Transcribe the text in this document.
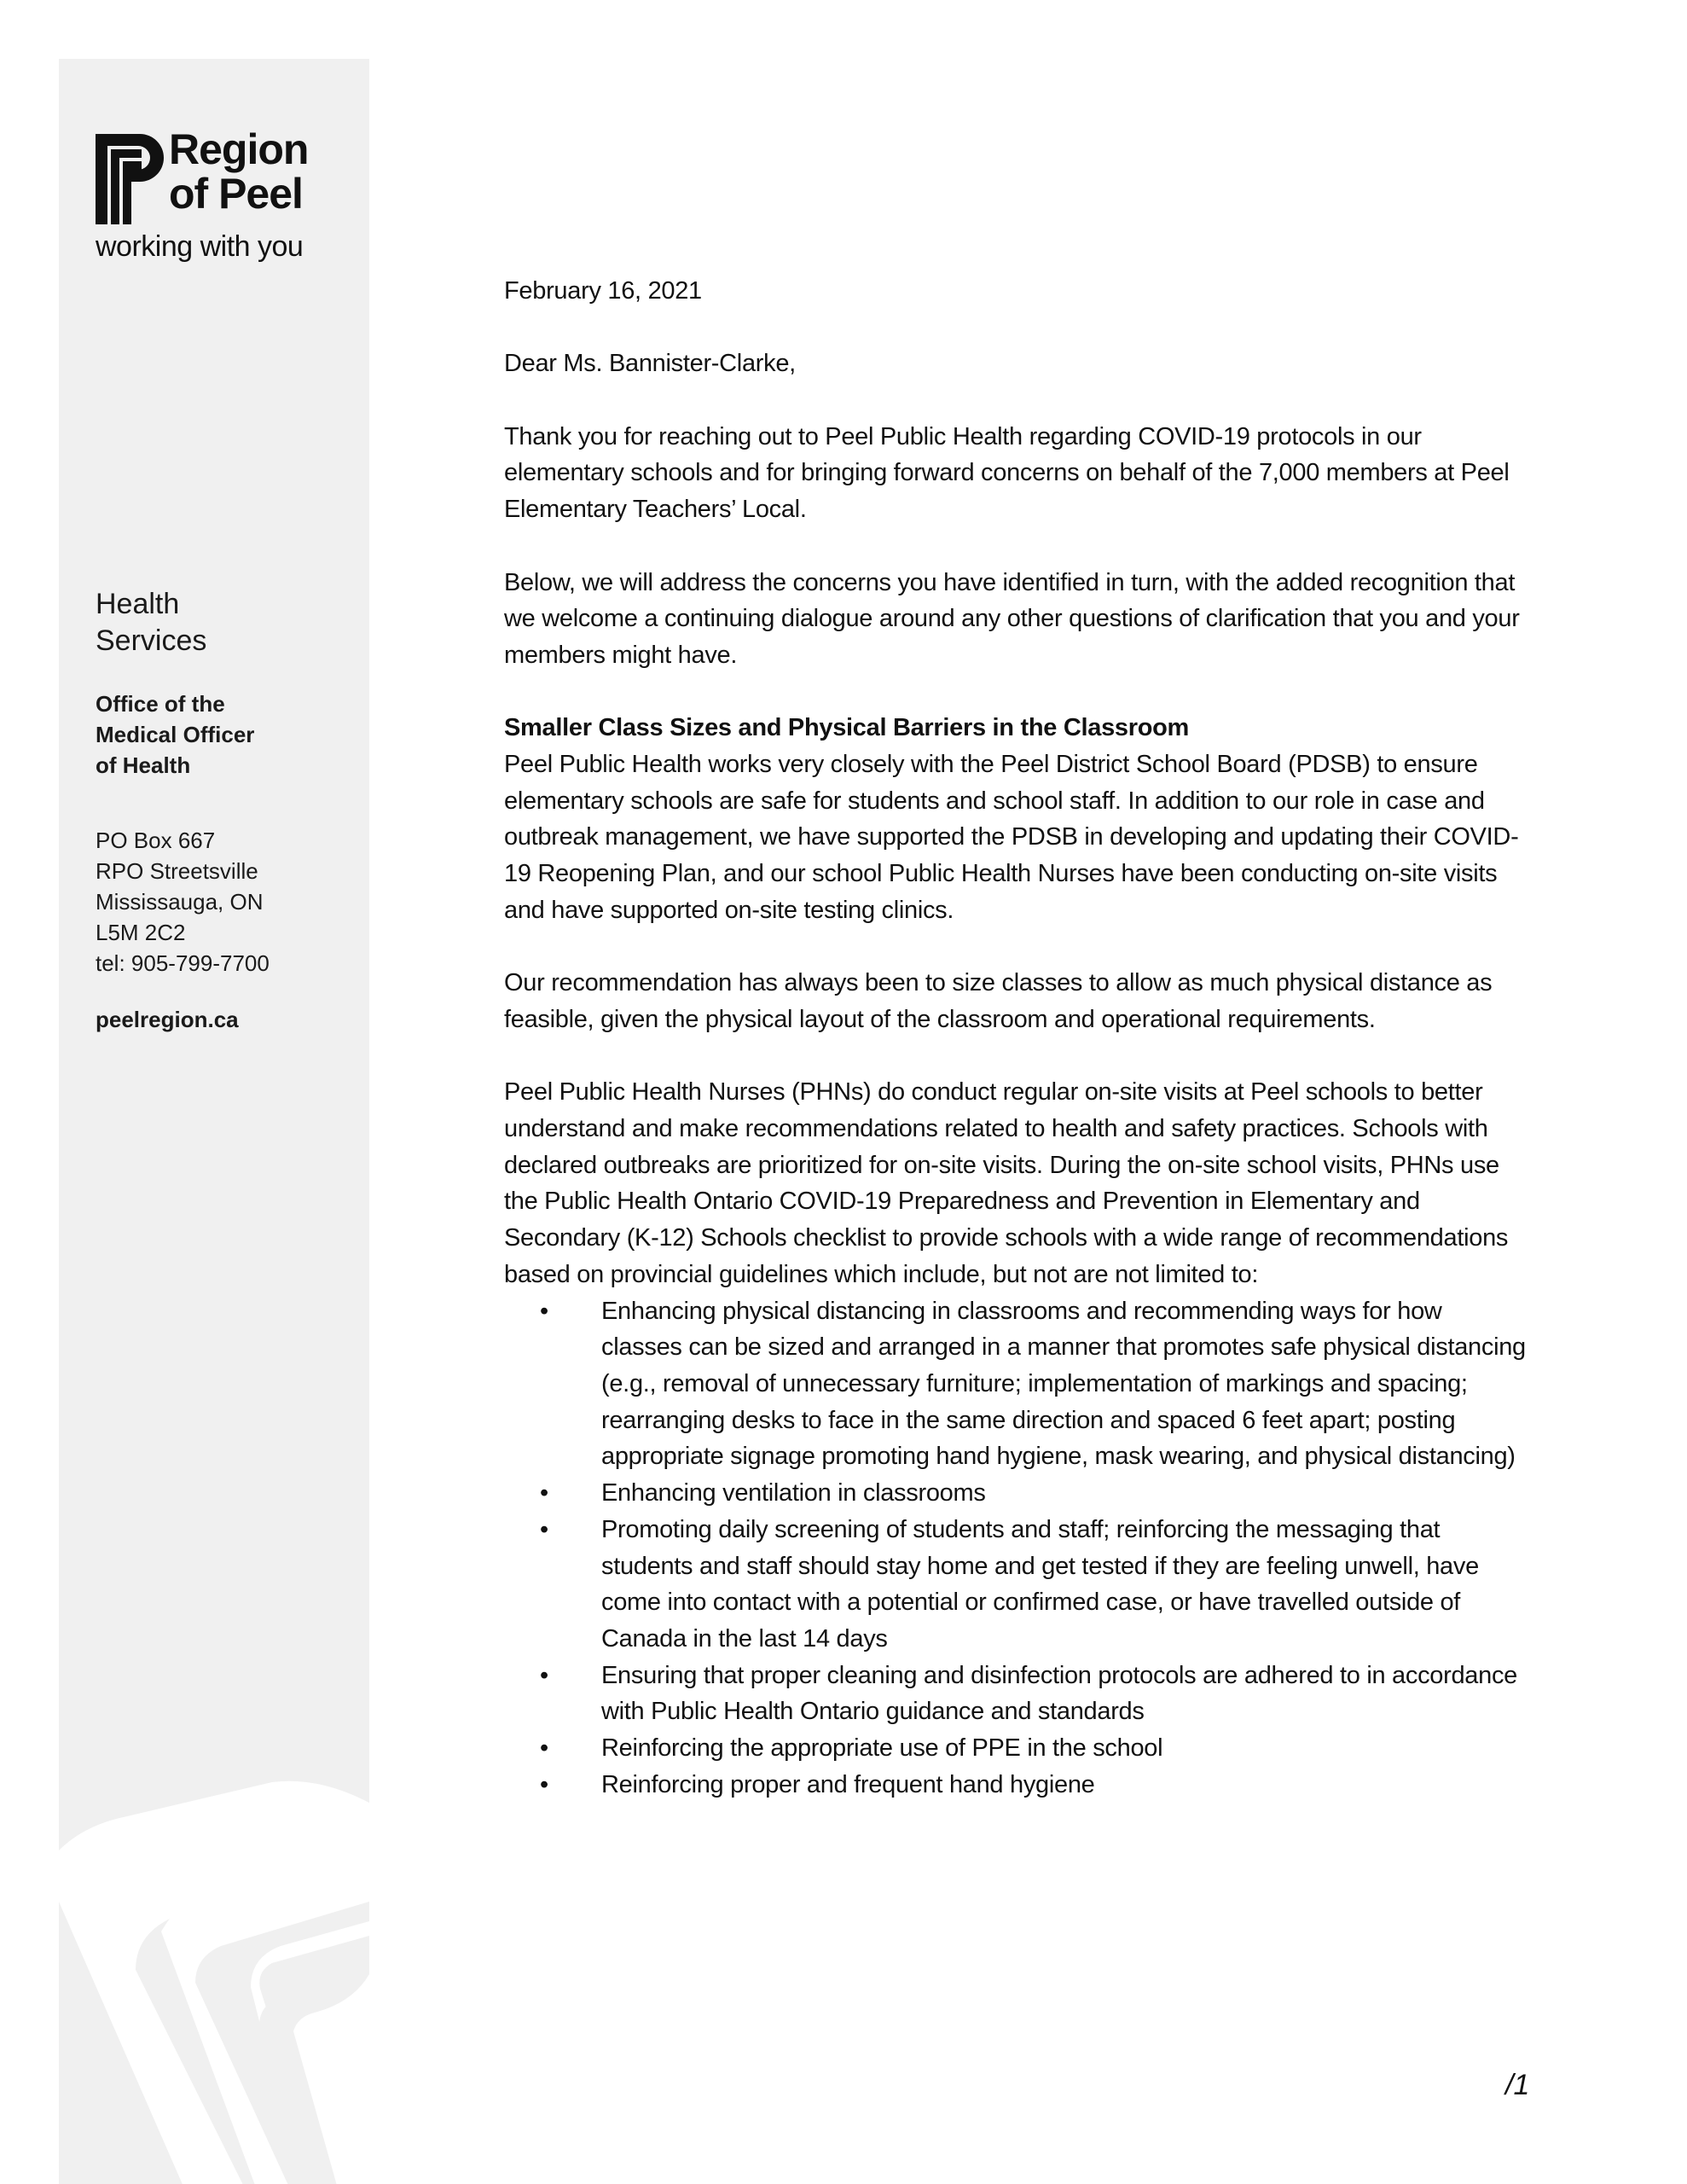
Region
of Peel
working with you
Health
Services
Office of the
Medical Officer
of Health
PO Box 667
RPO Streetsville
Mississauga, ON
L5M 2C2
tel: 905-799-7700
peelregion.ca

February 16, 2021

Dear Ms. Bannister-Clarke,

Thank you for reaching out to Peel Public Health regarding COVID-19 protocols in our elementary schools and for bringing forward concerns on behalf of the 7,000 members at Peel Elementary Teachers’ Local.

Below, we will address the concerns you have identified in turn, with the added recognition that we welcome a continuing dialogue around any other questions of clarification that you and your members might have.

Smaller Class Sizes and Physical Barriers in the Classroom

Peel Public Health works very closely with the Peel District School Board (PDSB) to ensure elementary schools are safe for students and school staff. In addition to our role in case and outbreak management, we have supported the PDSB in developing and updating their COVID-19 Reopening Plan, and our school Public Health Nurses have been conducting on-site visits and have supported on-site testing clinics.

Our recommendation has always been to size classes to allow as much physical distance as feasible, given the physical layout of the classroom and operational requirements.

Peel Public Health Nurses (PHNs) do conduct regular on-site visits at Peel schools to better understand and make recommendations related to health and safety practices. Schools with declared outbreaks are prioritized for on-site visits. During the on-site school visits, PHNs use the Public Health Ontario COVID-19 Preparedness and Prevention in Elementary and Secondary (K-12) Schools checklist to provide schools with a wide range of recommendations based on provincial guidelines which include, but not are not limited to:

• Enhancing physical distancing in classrooms and recommending ways for how classes can be sized and arranged in a manner that promotes safe physical distancing (e.g., removal of unnecessary furniture; implementation of markings and spacing; rearranging desks to face in the same direction and spaced 6 feet apart; posting appropriate signage promoting hand hygiene, mask wearing, and physical distancing)
• Enhancing ventilation in classrooms
• Promoting daily screening of students and staff; reinforcing the messaging that students and staff should stay home and get tested if they are feeling unwell, have come into contact with a potential or confirmed case, or have travelled outside of Canada in the last 14 days
• Ensuring that proper cleaning and disinfection protocols are adhered to in accordance with Public Health Ontario guidance and standards
• Reinforcing the appropriate use of PPE in the school
• Reinforcing proper and frequent hand hygiene
/1
